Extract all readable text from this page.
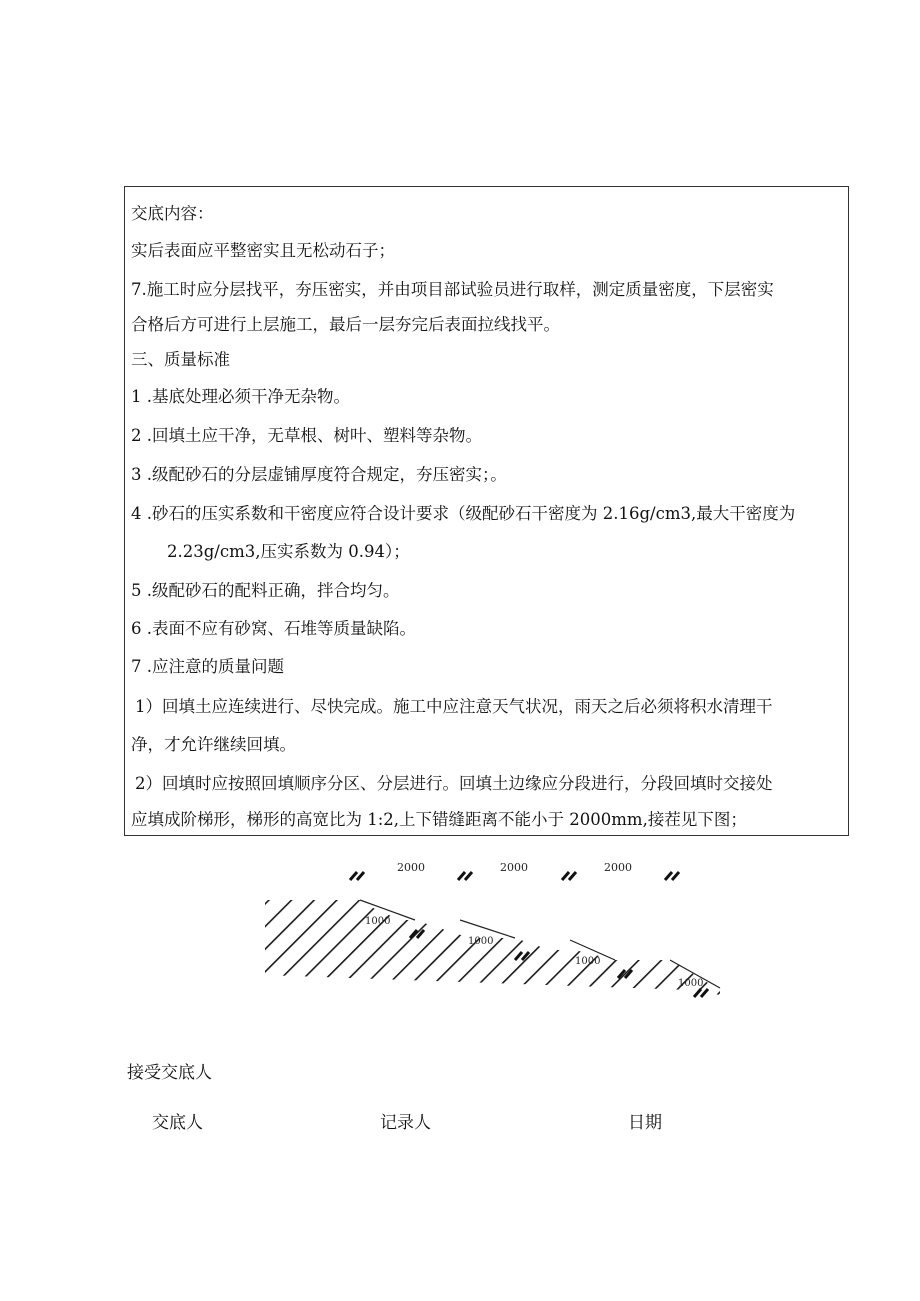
交底内容：
实后表面应平整密实且无松动石子；
7.施工时应分层找平，夯压密实，并由项目部试验员进行取样，测定质量密度，下层密实
合格后方可进行上层施工，最后一层夯完后表面拉线找平。
三、质量标准
1 .基底处理必须干净无杂物。
2 .回填土应干净，无草根、树叶、塑料等杂物。
3 .级配砂石的分层虚铺厚度符合规定，夯压密实；。
4 .砂石的压实系数和干密度应符合设计要求（级配砂石干密度为 2.16g/cm3,最大干密度为
2.23g/cm3,压实系数为 0.94）；
5 .级配砂石的配料正确，拌合均匀。
6 .表面不应有砂窝、石堆等质量缺陷。
7 .应注意的质量问题
1）回填土应连续进行、尽快完成。施工中应注意天气状况，雨天之后必须将积水清理干
净，才允许继续回填。
2）回填时应按照回填顺序分区、分层进行。回填土边缘应分段进行，分段回填时交接处
应填成阶梯形，梯形的高宽比为 1:2,上下错缝距离不能小于 2000mm,接茬见下图；
2000	2000	2000
1000
1000
1000
1000
接受交底人
交底人	记录人	日期
